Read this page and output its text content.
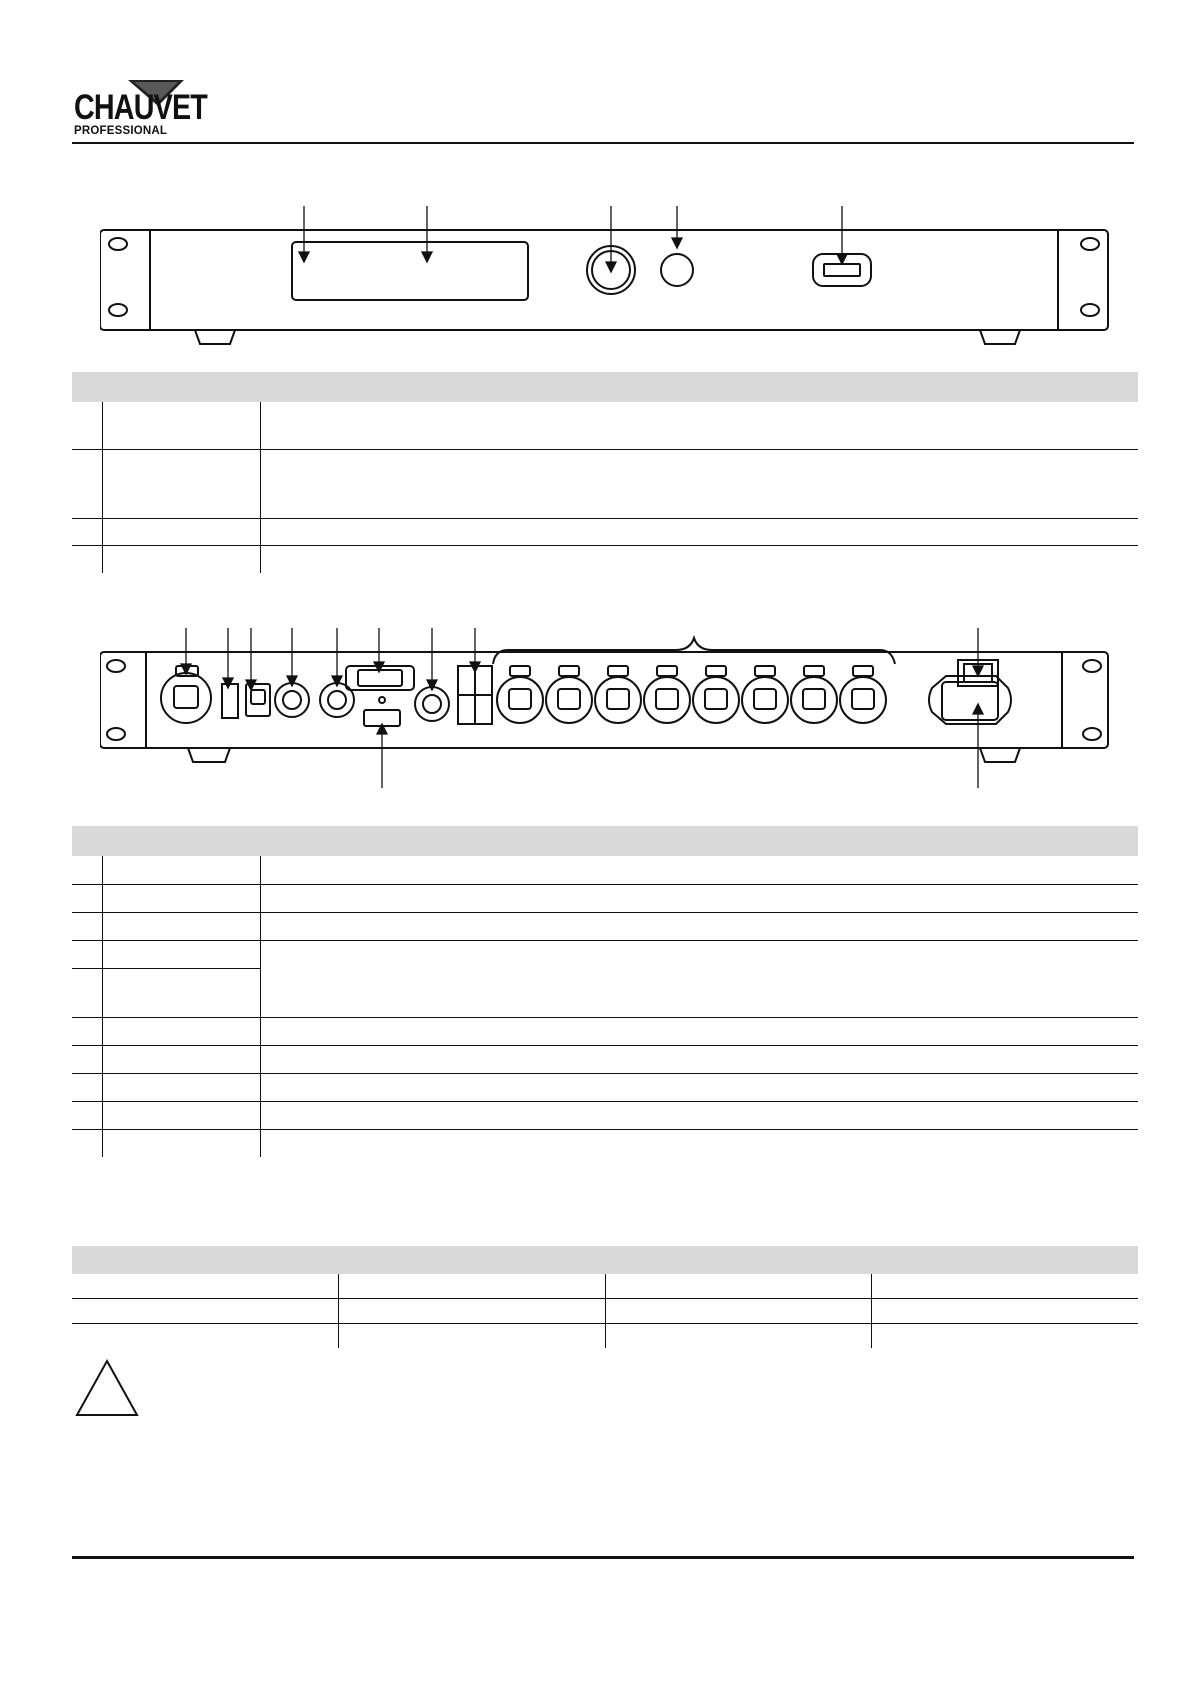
CHAUVET
PROFESSIONAL
